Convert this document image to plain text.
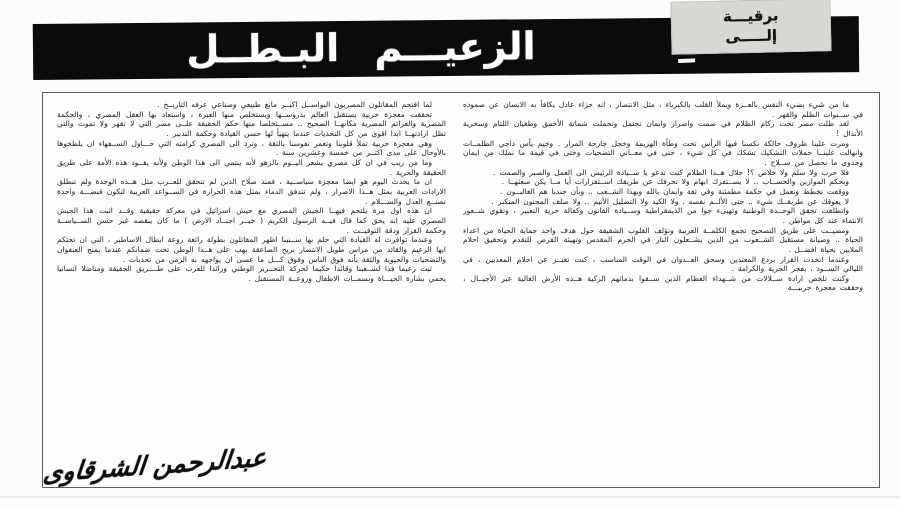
الزعيـــم البـطــل
برقيـــة
إلـــــى

ما من شيء يضيء النفس بالعــزة ويملأ القلب بالكبرياء ، مثل الانتصار ، انه جزاء عادل يكافأ به الانسان عن صموده في ســنوات الظلم والقهر .

لقد ظلت مصر تحت ركام الظلام في صمت واصرار وايمان تحتمل وتحملت شماتة الأحمق وطغيان اللئام وسخرية الأنذال !

ومرت علينا ظروف حالكة نكسنا فيها الرأس تحت وطأة الهزيمة وخجل جارحة المرار . وخيم يأس داجي الظلمــات وانهالت علينــا حملات التشكيك تشكك في كل شيء ، حتى في معــاني التضحيات وحتى في قيمة ما نملك من ايمان وجدوى ما نحصل من ســلاح .

فلا حرب ولا سلم ولا خلاص ؟! خلال هــذا الظلام كنت تدعو يا ســيادة الرئيس الى العمل والصبر والصمت .

وبحكم الموازين والحســاب .. لا يســتفزك ابهام ولا تحرفك عن طريقك اســتفزازات أيا مــا يكن مبعثهــا .

ووقفت تخطط وتعمل في حكمة مطمئنة وفي ثقة وايمان بالله وبهذا الشــعب .. وبأن جندنا هم الغالبــون .

لا يعوقك عن طريقــك شيء .. حتى الألــم نفسه . ولا الكيد ولا التضليل الأثيم .. ولا صلف المجنون المتكبر .

وانطلقت تحقق الوحــدة الوطنية وتهيىء جوا من الديمقراطية وســيادة القانون وكفالة حرية التعبير ، وتقوي شــعور الانتماء عند كل مواطن .

ومضيــت على طريق التصحيح تجمع الكلمــة العربية وتؤلف القلوب الشقيقة حول هدف واحد حماية الحياة من اعداء الحياة .. وصيانة مستقبل الشــعوب من الذين يشــعلون النار في الحرم المقدس وتهيئة الفرص للتقدم وتحقيق احلام الملايين بحياة افضــل .

وعندما اتخذت القرار بردع المعتدين وسحق العــدوان في الوقت المناسب ، كنت تعبــر عن احلام المعذبين ، في الليالي الســود ، بفجر الحرية والكرامة .

وكنت تلخص ارادة ســلالات من شــهداء العظام الذين ســقوا بدمائهم الزكية هــذه الأرض الغالية عبر الأجيــال ، وحققت معجزة حربيـــة

لما اقتحم المقاتلون المصريون البواســل اكبــر مانع طبيعي وصناعي عرفه التاريــخ .

تحققت معجزة حربية يستقبل العالم بدروســها ويستخلص منها العبرة ، واستعاد بها العقل المصري ، والحكمة المصرية والعزائم المصرية مكانهــا الصحيح .. مســتخلصا منها حكم الحقيقة علــى مصر التي لا تقهر ولا تموت والتي تظل ارادتهــا ابدا اقوى من كل التحديات عندما يتهيأ لها حسن القيادة وحكمة التدبير .

وهي معجزة حربية تملأ قلوبنا وتعمر نفوسنا بالثقة ، وترد الى المصري كرامته التي حـــاول الســفهاء ان يلطخوها بالأوحال على مدى اكثــر من خمسة وعشرين سنة .

وما من ريب في ان كل مصري يشعر اليــوم بالزهو لأنه ينتمي الى هذا الوطن ولأنه يقــود هذه الأمة على طريق الحقيقة والحرية .

ان ما يحدث اليوم هو ايضا معجزة سياســية ، فمنذ صلاح الدين لم تتحقق للعــرب مثل هــذه الوحدة ولم تنطلق الارادات العربية بمثل هــذا الاصرار ، ولم تتدفق الدماء بمثل هذه الحرارة في الســواعد العربية لتكون قبضـــة واحدة تصنــع العدل والســـلام .

ان هذه اول مرة يلتحم فيهــا الجيش المصري مع جيش اسرائيل في معركة حقيقية وقــد اثبت هذا الجيش المصري عليه انه يحق كما قال فيــه الرسول الكريم ( خيــر اجنــاد الارض ) ما كان ينقصه غير حسن الســياســة وحكمة القرار ودقة التوقيــت .

وعندما توافرت له القيادة التي حلم بها ســنينا اظهر المقاتلون بطولة رائعة روعة ابطال الاساطير ، التي ان تحتكم ايها الزعيم والقائد من مراس طويل الانتصار بريح الصاعقة يهب على هــذا الوطن تحت ضمانكم عندما يمنح العنفوان والتضحيات والحيوية والثقة بأنه فوق الناس وفوق كـــل ما عسى ان يواجهه به الزمن من تحديات .

ثبت زعيما فذا لشــعبنا وقائدا حكيما لحركة التحــرير الوطني ورائدا للعرب على طــــريق الحقيقة ومناضلا انسانيا يحمي بشارة الحيـــاة وبسمــات الاطفال وروعــة المستقبل .

عبدالرحمن الشرقاوى
